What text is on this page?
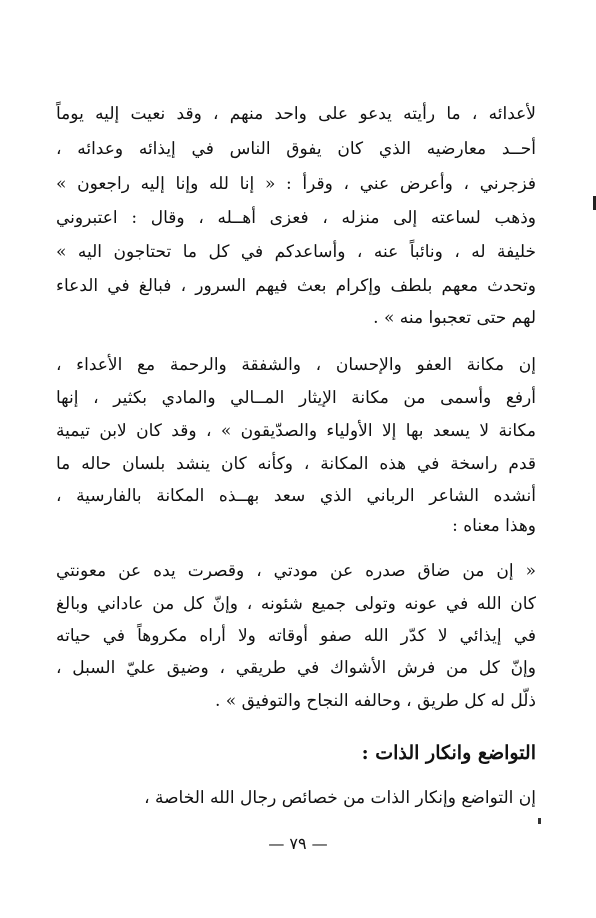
لأعدائه ، ما رأيته يدعو على واحد منهم ، وقد نعيت إليه يوماً
أحــد معارضيه الذي كان يفوق الناس في إيذائه وعدائه ،
فزجرني ، وأعرض عني ، وقرأ : « إنا لله وإنا إليه راجعون »
وذهب لساعته إلى منزله ، فعزى أهــله ، وقال : اعتبروني
خليفة له ، ونائباً عنه ، وأساعدكم في كل ما تحتاجون اليه »
وتحدث معهم بلطف وإكرام بعث فيهم السرور ، فبالغ في الدعاء
لهم حتى تعجبوا منه » .
إن مكانة العفو والإحسان ، والشفقة والرحمة مع الأعداء ،
أرفع وأسمى من مكانة الإيثار المــالي والمادي بكثير ، إنها
مكانة لا يسعد بها إلا الأولياء والصدّيقون » ، وقد كان لابن تيمية
قدم راسخة في هذه المكانة ، وكأنه كان ينشد بلسان حاله ما
أنشده الشاعر الرباني الذي سعد بهــذه المكانة بالفارسية ،
وهذا معناه :
« إن من ضاق صدره عن مودتي ، وقصرت يده عن معونتي
كان الله في عونه وتولى جميع شئونه ، وإنّ كل من عاداني وبالغ
في إيذائي لا كدّر الله صفو أوقاته ولا أراه مكروهاً في حياته
وإنّ كل من فرش الأشواك في طريقي ، وضيق عليّ السبل ،
ذلّل له كل طريق ، وحالفه النجاح والتوفيق » .
التواضع وانكار الذات :
إن التواضع وإنكار الذات من خصائص رجال الله الخاصة ،
— ٧٩ —
